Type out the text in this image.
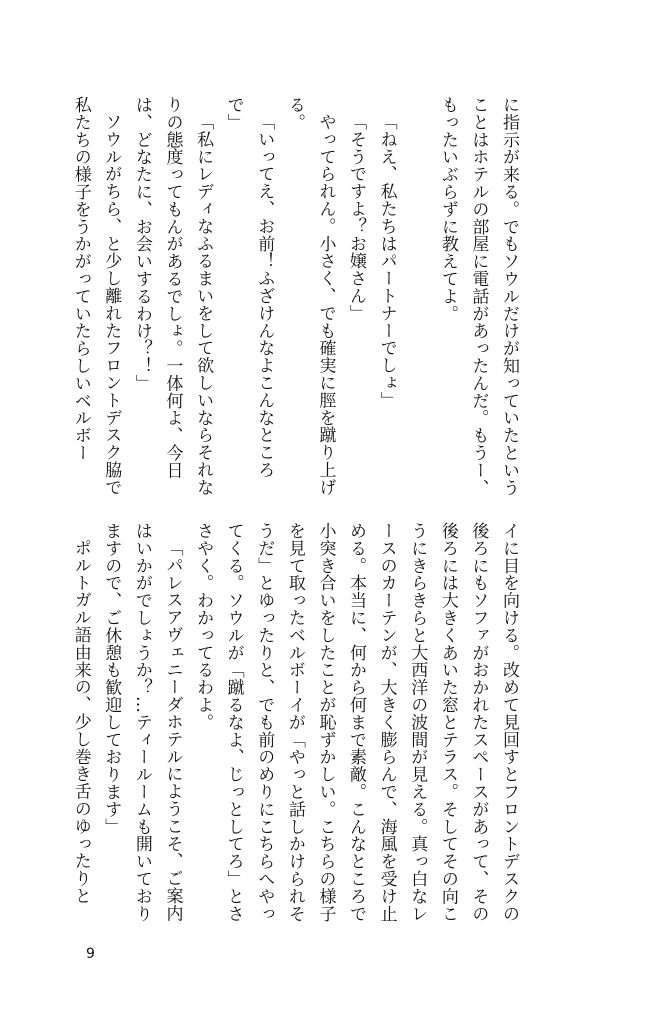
に指示が来る。でもソウルだけが知っていたということはホテルの部屋に電話があったんだ。もうー、もったいぶらずに教えてよ。

「ねえ、私たちはパートナーでしょ」

「そうですよ？お嬢さん」

やってられん。小さく、でも確実に脛を蹴り上げる。

「いってえ、お前！ふざけんなよこんなところで」

「私にレディなふるまいをして欲しいならそれなりの態度ってもんがあるでしょ。一体何よ、今日は、どなたに、お会いするわけ？！」

ソウルがちら、と少し離れたフロントデスク脇で私たちの様子をうかがっていたらしいベルボー

イに目を向ける。改めて見回すとフロントデスクの後ろにもソファがおかれたスペースがあって、その後ろには大きくあいた窓とテラス。そしてその向こうにきらきらと大西洋の波間が見える。真っ白なレースのカーテンが、大きく膨らんで、海風を受け止める。本当に、何から何まで素敵。こんなところで小突き合いをしたことが恥ずかしい。こちらの様子を見て取ったベルボーイが「やっと話しかけられそうだ」とゆったりと、でも前のめりにこちらへやってくる。ソウルが「蹴るなよ、じっとしてろ」とささやく。わかってるわよ。

「パレスアヴェニーダホテルにようこそ、ご案内はいかがでしょうか？…ティールームも開いておりますので、ご休憩も歓迎しております」

ポルトガル語由来の、少し巻き舌のゆったりと

9
